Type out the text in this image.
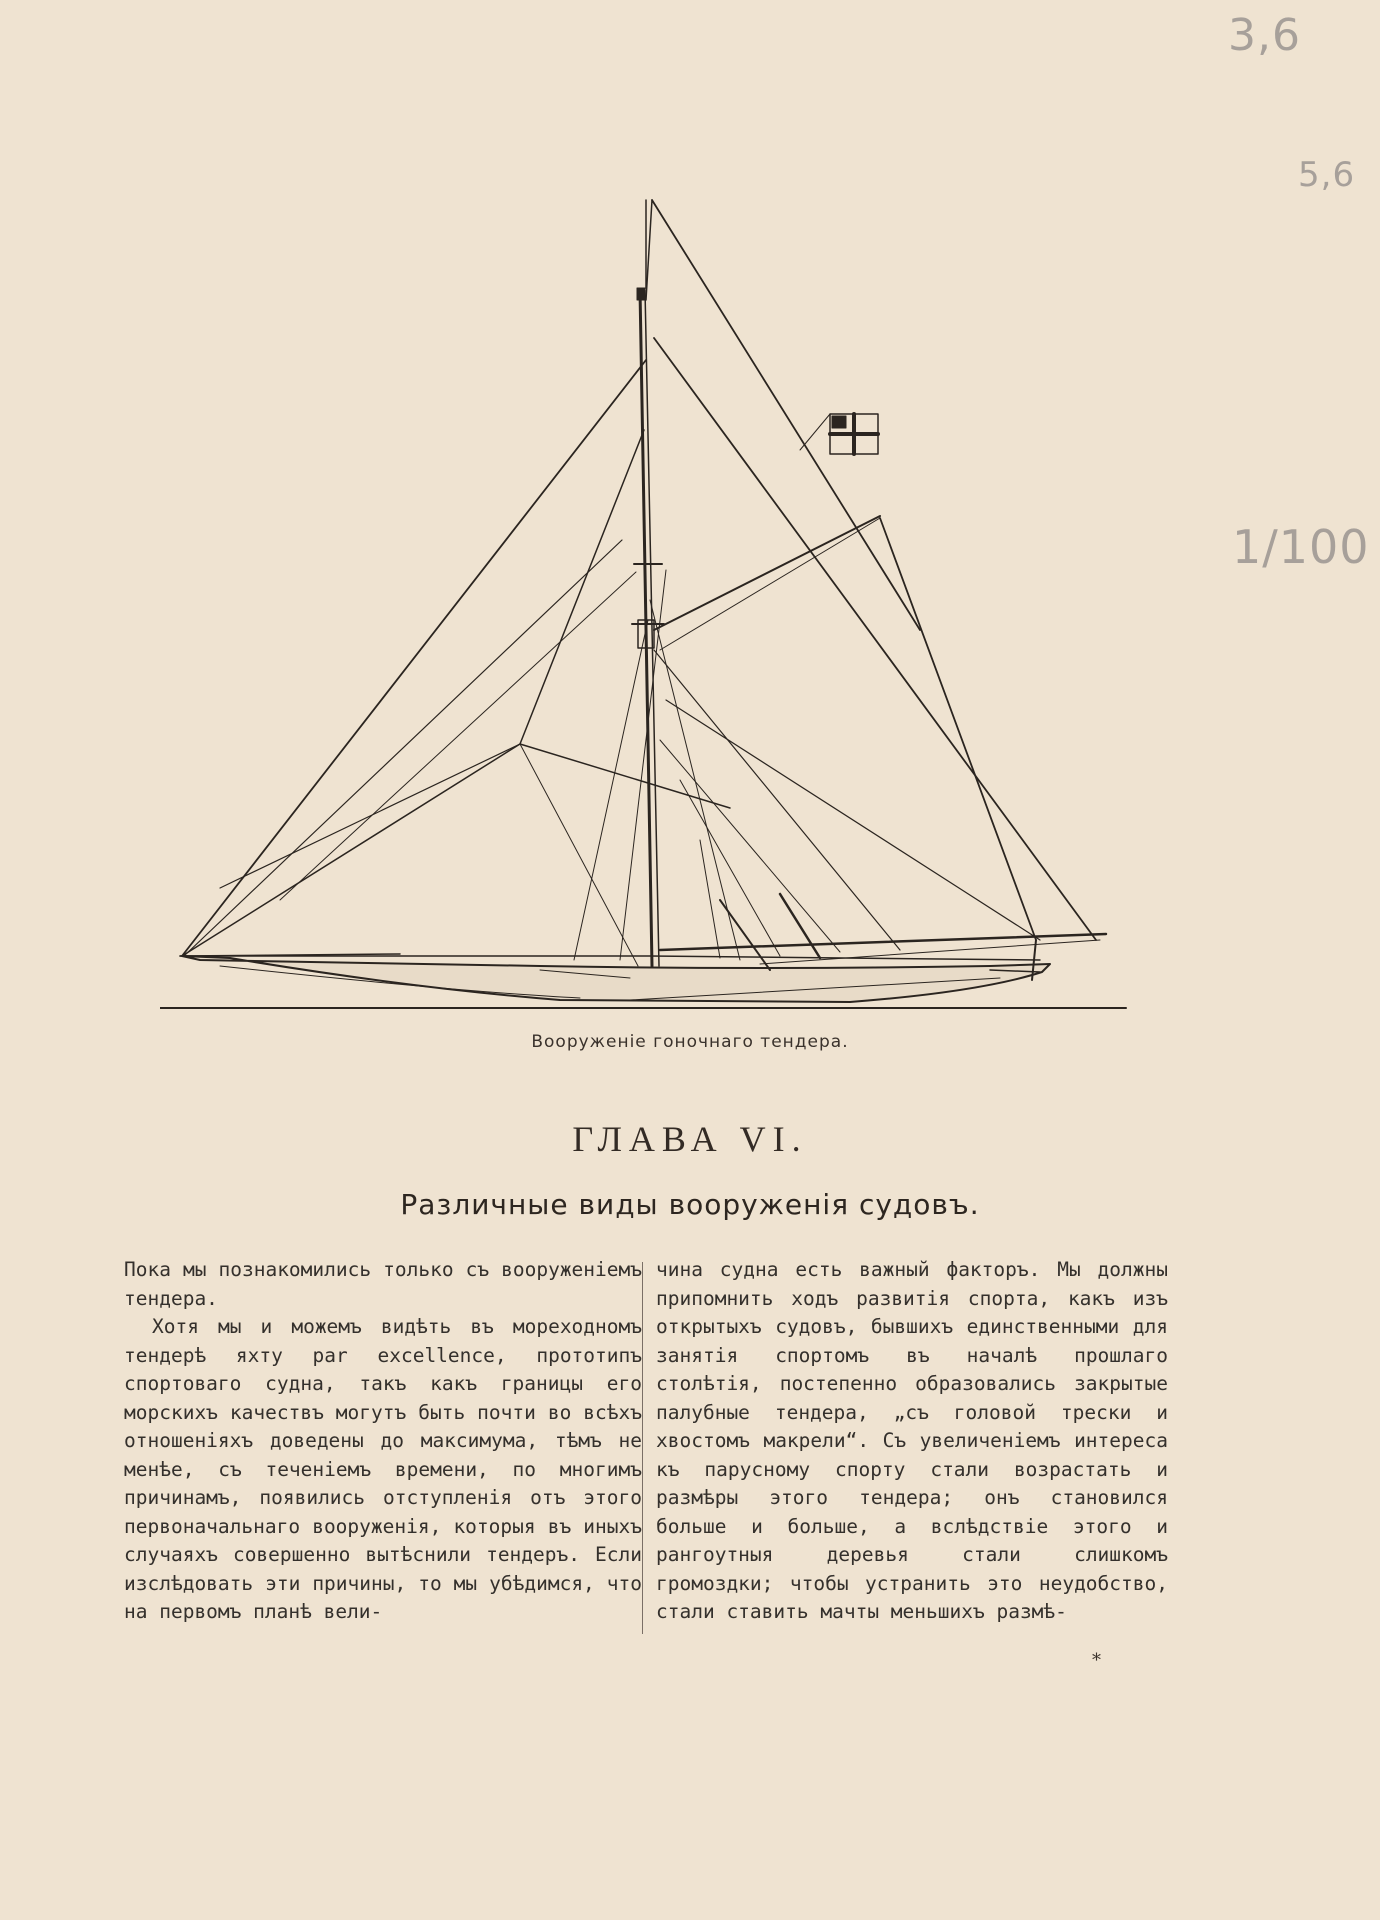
3,6
5,6
1/100
Вооруженіе гоночнаго тендера.
ГЛАВА VI.
Различные виды вооруженія судовъ.

Пока мы познакомились только съ вооруженіемъ тендера.

Хотя мы и можемъ видѣть въ мореходномъ тендерѣ яхту par excellence, прототипъ спортоваго судна, такъ какъ границы его морскихъ качествъ могутъ быть почти во всѣхъ отношеніяхъ доведены до максимума, тѣмъ не менѣе, съ теченіемъ времени, по многимъ причинамъ, появились отступленія отъ этого первоначальнаго вооруженія, которыя въ иныхъ случаяхъ совершенно вытѣснили тендеръ. Если изслѣдовать эти причины, то мы убѣдимся, что на первомъ планѣ вели-

чина судна есть важный факторъ. Мы должны припомнить ходъ развитія спорта, какъ изъ открытыхъ судовъ, бывшихъ единственными для занятія спортомъ въ началѣ прошлаго столѣтія, постепенно образовались закрытые палубные тендера, „съ головой трески и хвостомъ макрели“. Съ увеличеніемъ интереса къ парусному спорту стали возрастать и размѣры этого тендера; онъ становился больше и больше, а вслѣдствіе этого и рангоутныя деревья стали слишкомъ громоздки; чтобы устранить это неудобство, стали ставить мачты меньшихъ размѣ-

*
